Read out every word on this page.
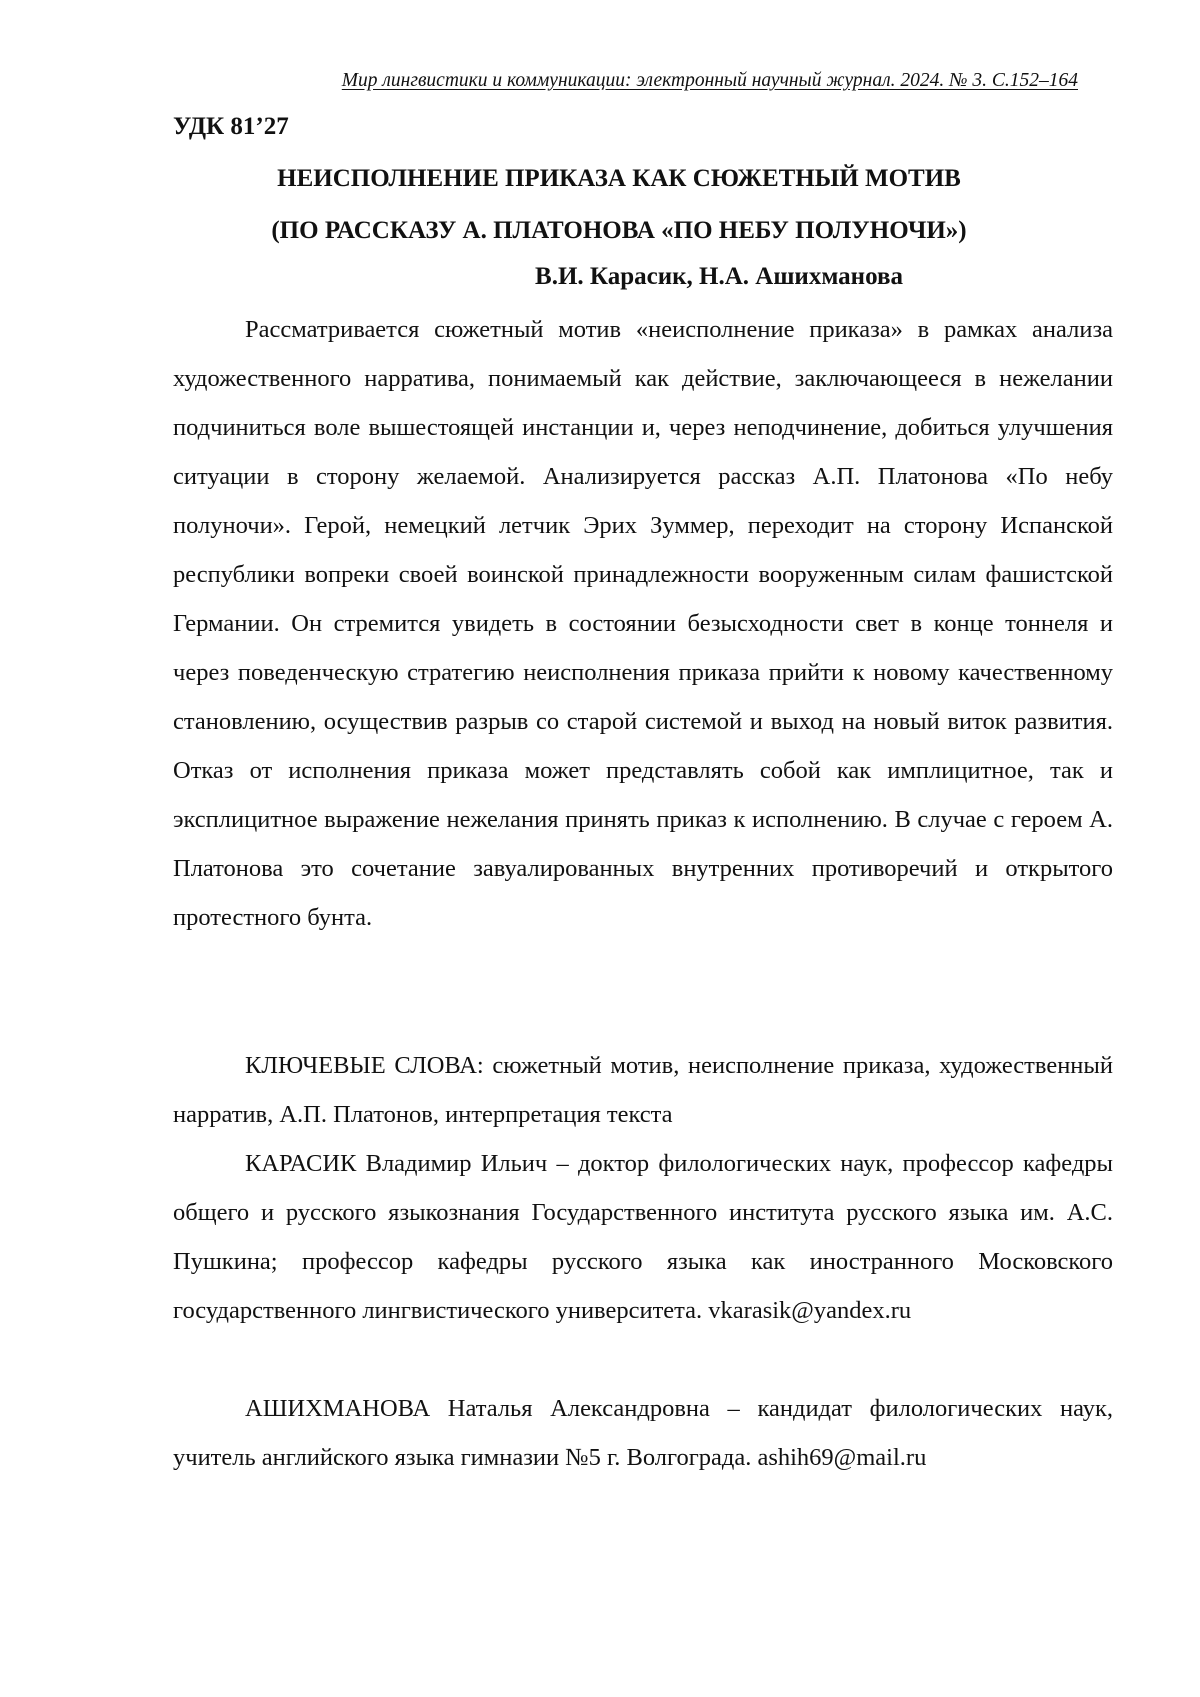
Мир лингвистики и коммуникации: электронный научный журнал. 2024. № 3. С.152–164
УДК 81’27
НЕИСПОЛНЕНИЕ ПРИКАЗА КАК СЮЖЕТНЫЙ МОТИВ
(ПО РАССКАЗУ А. ПЛАТОНОВА «ПО НЕБУ ПОЛУНОЧИ»)
В.И. Карасик, Н.А. Ашихманова
Рассматривается сюжетный мотив «неисполнение приказа» в рамках анализа художественного нарратива, понимаемый как действие, заключающееся в нежелании подчиниться воле вышестоящей инстанции и, через неподчинение, добиться улучшения ситуации в сторону желаемой. Анализируется рассказ А.П. Платонова «По небу полуночи». Герой, немецкий летчик Эрих Зуммер, переходит на сторону Испанской республики вопреки своей воинской принадлежности вооруженным силам фашистской Германии. Он стремится увидеть в состоянии безысходности свет в конце тоннеля и через поведенческую стратегию неисполнения приказа прийти к новому качественному становлению, осуществив разрыв со старой системой и выход на новый виток развития. Отказ от исполнения приказа может представлять собой как имплицитное, так и эксплицитное выражение нежелания принять приказ к исполнению. В случае с героем А. Платонова это сочетание завуалированных внутренних противоречий и открытого протестного бунта.
КЛЮЧЕВЫЕ СЛОВА: сюжетный мотив, неисполнение приказа, художественный нарратив, А.П. Платонов, интерпретация текста
КАРАСИК Владимир Ильич – доктор филологических наук, профессор кафедры общего и русского языкознания Государственного института русского языка им. А.С. Пушкина; профессор кафедры русского языка как иностранного Московского государственного лингвистического университета. vkarasik@yandex.ru
АШИХМАНОВА Наталья Александровна – кандидат филологических наук, учитель английского языка гимназии №5 г. Волгограда. ashih69@mail.ru
